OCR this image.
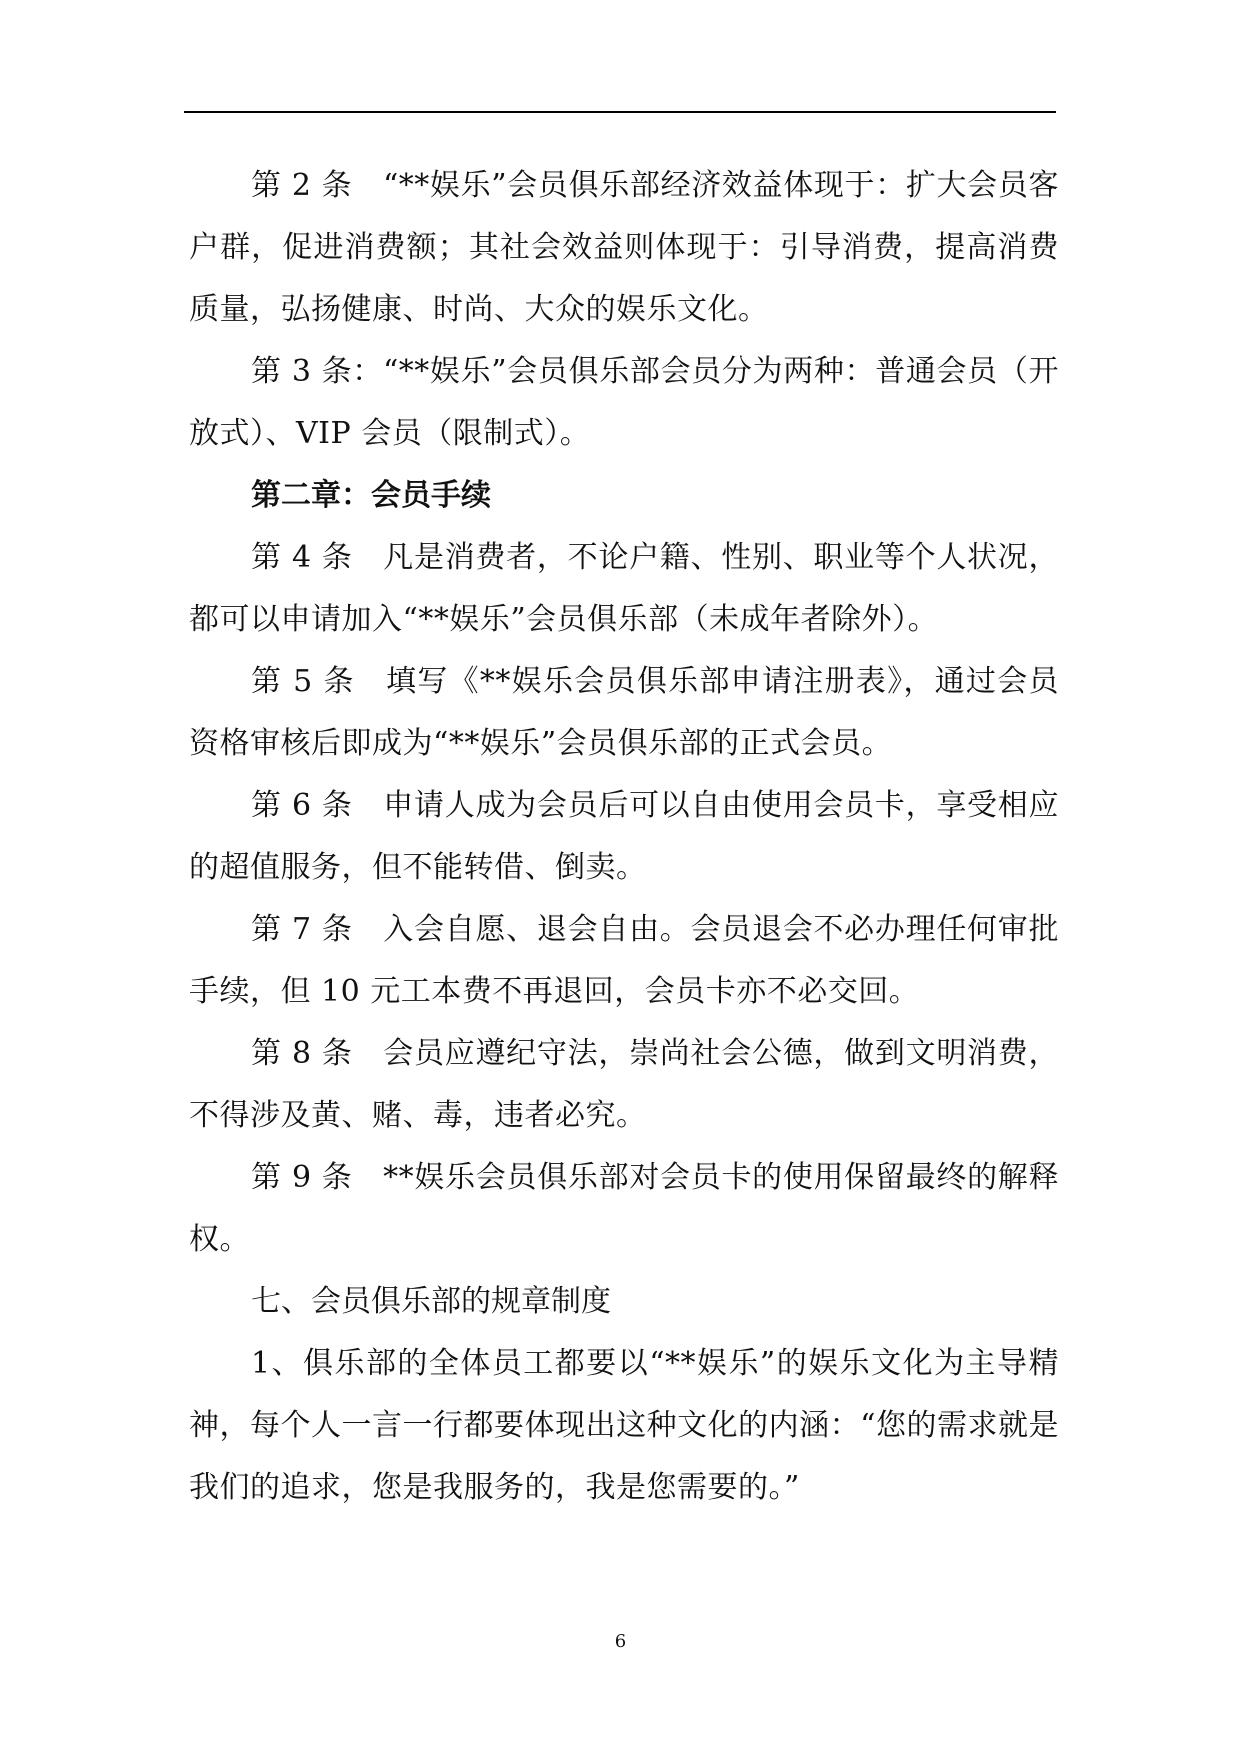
第 2 条　“**娱乐”会员俱乐部经济效益体现于：扩大会员客户群，促进消费额；其社会效益则体现于：引导消费，提高消费质量，弘扬健康、时尚、大众的娱乐文化。

第 3 条：“**娱乐”会员俱乐部会员分为两种：普通会员（开放式）、VIP 会员（限制式）。

第二章：会员手续

第 4 条　凡是消费者，不论户籍、性别、职业等个人状况，都可以申请加入“**娱乐”会员俱乐部（未成年者除外）。

第 5 条　填写《**娱乐会员俱乐部申请注册表》，通过会员资格审核后即成为“**娱乐”会员俱乐部的正式会员。

第 6 条　申请人成为会员后可以自由使用会员卡，享受相应的超值服务，但不能转借、倒卖。

第 7 条　入会自愿、退会自由。会员退会不必办理任何审批手续，但 10 元工本费不再退回，会员卡亦不必交回。

第 8 条　会员应遵纪守法，崇尚社会公德，做到文明消费，不得涉及黄、赌、毒，违者必究。

第 9 条　**娱乐会员俱乐部对会员卡的使用保留最终的解释权。

七、会员俱乐部的规章制度

1、俱乐部的全体员工都要以“**娱乐”的娱乐文化为主导精神，每个人一言一行都要体现出这种文化的内涵：“您的需求就是我们的追求，您是我服务的，我是您需要的。”

6
